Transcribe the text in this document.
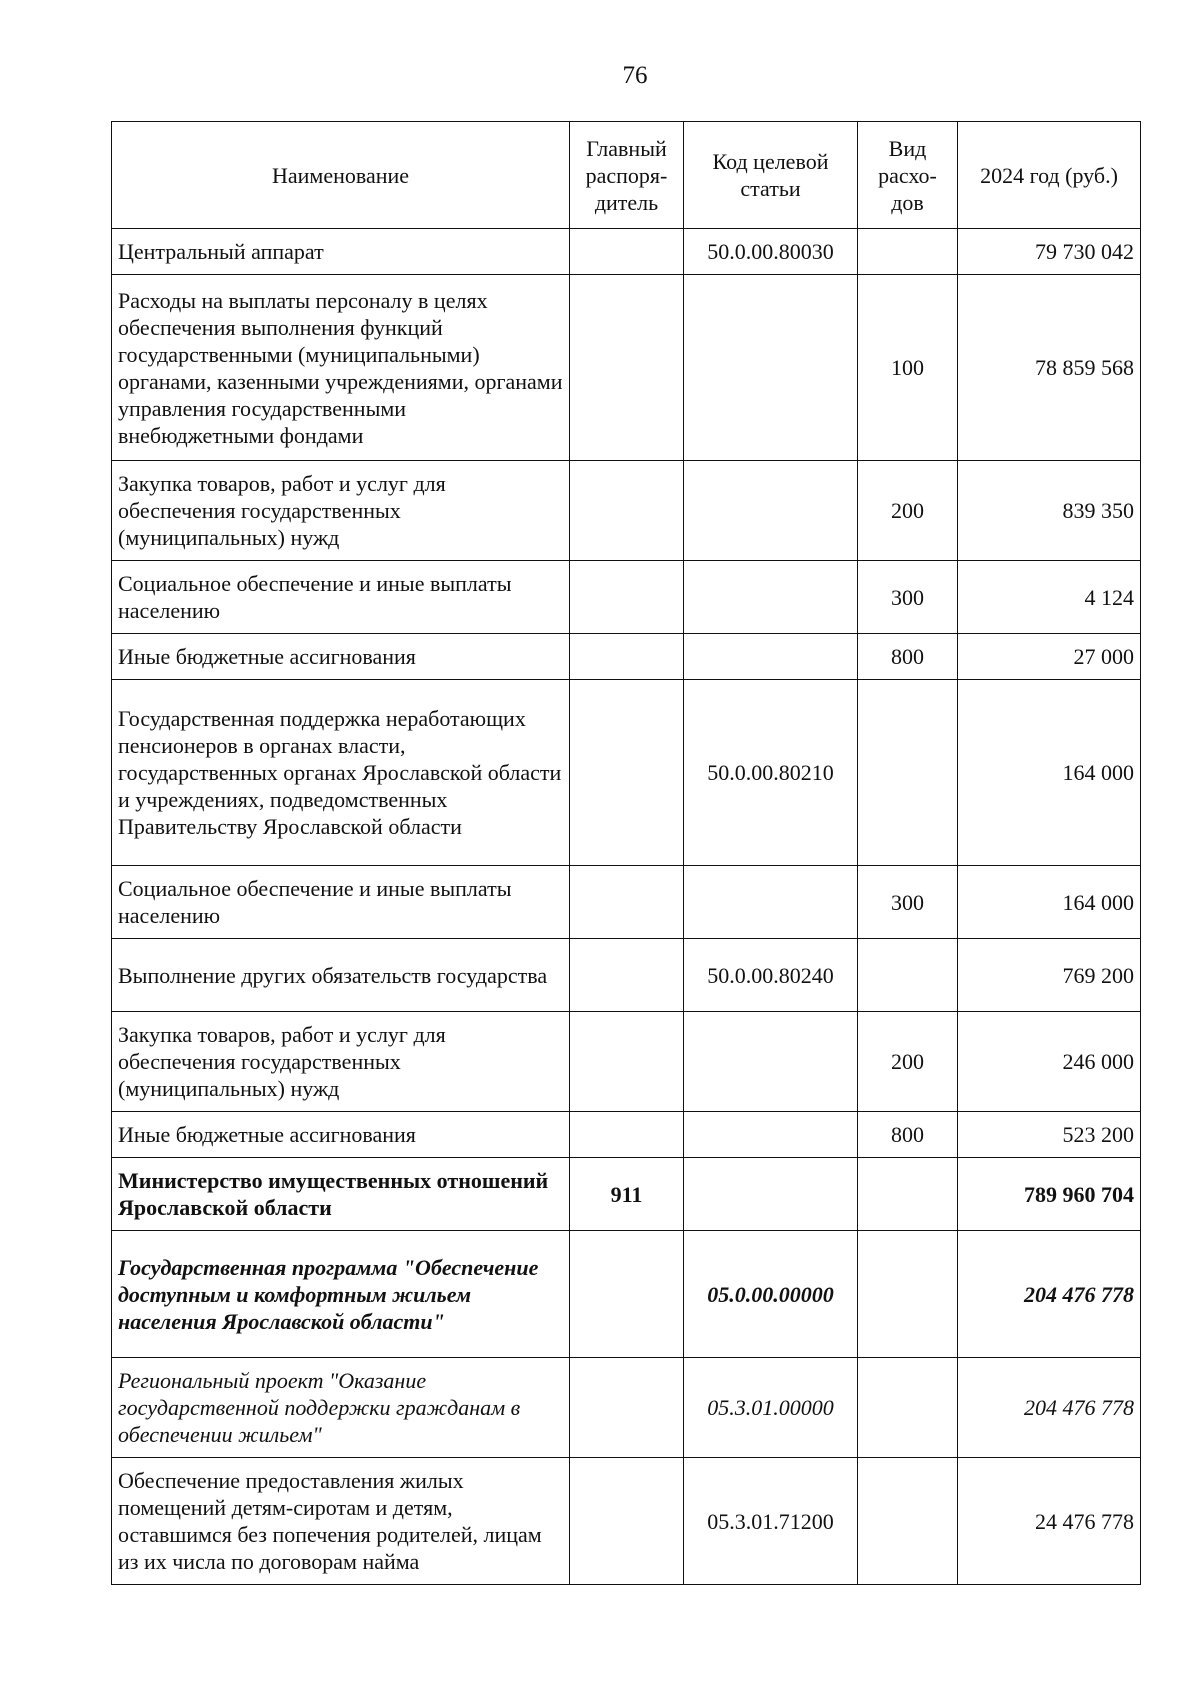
76
Наименование	Главный распоря-дитель	Код целевой статьи	Вид расхо-дов	2024 год (руб.)
Центральный аппарат		50.0.00.80030		79 730 042
Расходы на выплаты персоналу в целях обеспечения выполнения функций государственными (муниципальными) органами, казенными учреждениями, органами управления государственными внебюджетными фондами			100	78 859 568
Закупка товаров, работ и услуг для обеспечения государственных (муниципальных) нужд			200	839 350
Социальное обеспечение и иные выплаты населению			300	4 124
Иные бюджетные ассигнования			800	27 000
Государственная поддержка неработающих пенсионеров в органах власти, государственных органах Ярославской области и учреждениях, подведомственных Правительству Ярославской области		50.0.00.80210		164 000
Социальное обеспечение и иные выплаты населению			300	164 000
Выполнение других обязательств государства		50.0.00.80240		769 200
Закупка товаров, работ и услуг для обеспечения государственных (муниципальных) нужд			200	246 000
Иные бюджетные ассигнования			800	523 200
Министерство имущественных отношений Ярославской области	911			789 960 704
Государственная программа "Обеспечение доступным и комфортным жильем населения Ярославской области"		05.0.00.00000		204 476 778
Региональный проект "Оказание государственной поддержки гражданам в обеспечении жильем"		05.3.01.00000		204 476 778
Обеспечение предоставления жилых помещений детям-сиротам и детям, оставшимся без попечения родителей, лицам из их числа по договорам найма		05.3.01.71200		24 476 778
